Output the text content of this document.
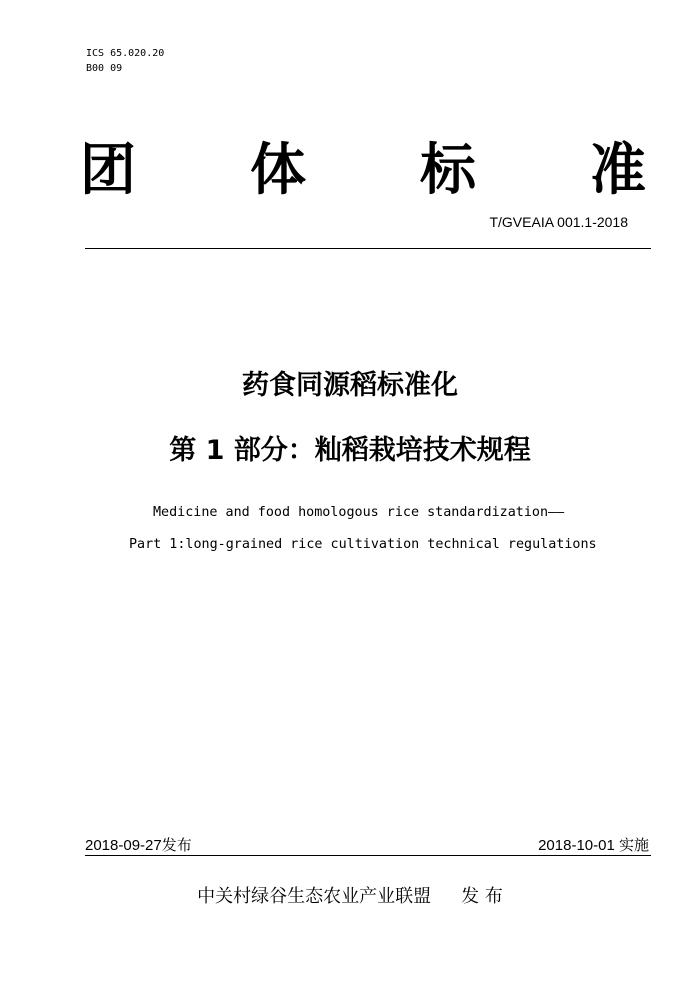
ICS 65.020.20
B00 09
团 体 标 准
T/GVEAIA 001.1-2018
药食同源稻标准化
第 1 部分：籼稻栽培技术规程
Medicine and food homologous rice standardization——
Part 1:long-grained rice cultivation technical regulations
2018-09-27发布	2018-10-01 实施
中关村绿谷生态农业产业联盟 发 布
